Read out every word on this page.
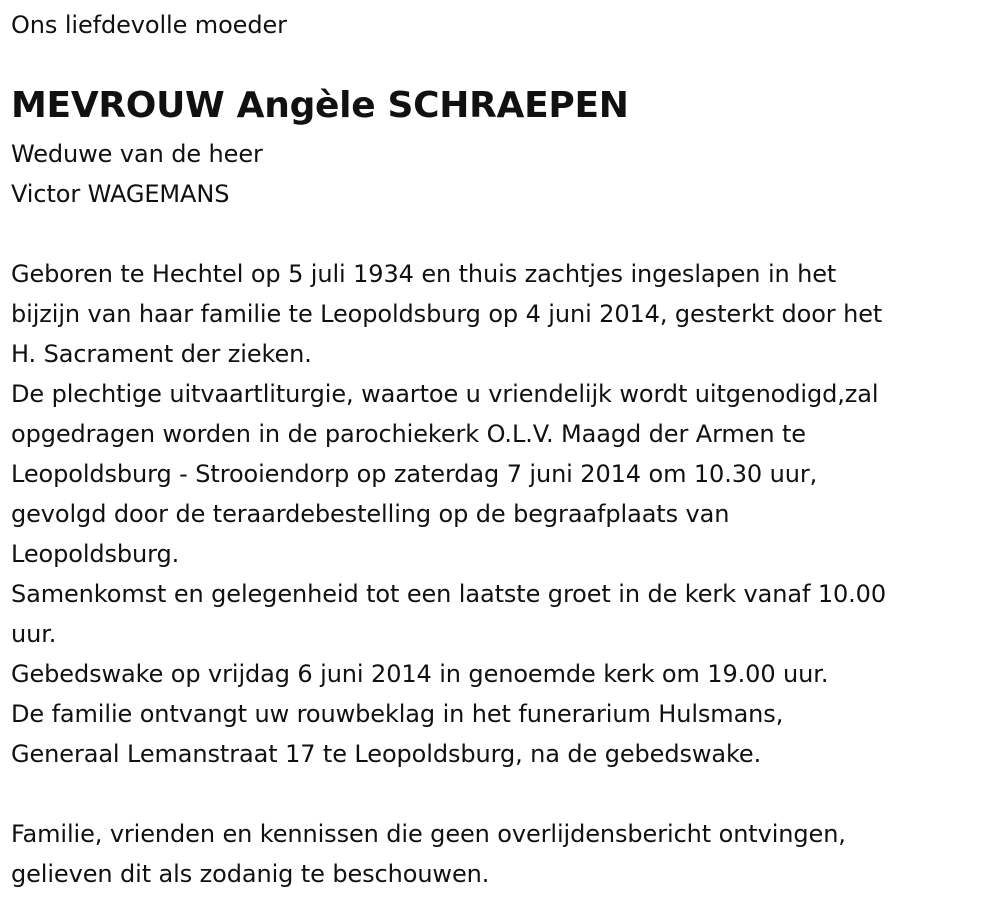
Ons liefdevolle moeder
MEVROUW Angèle SCHRAEPEN
Weduwe van de heer
Victor WAGEMANS
Geboren te Hechtel op 5 juli 1934 en thuis zachtjes ingeslapen in het
bijzijn van haar familie te Leopoldsburg op 4 juni 2014, gesterkt door het
H. Sacrament der zieken.
De plechtige uitvaartliturgie, waartoe u vriendelijk wordt uitgenodigd,zal
opgedragen worden in de parochiekerk O.L.V. Maagd der Armen te
Leopoldsburg - Strooiendorp op zaterdag 7 juni 2014 om 10.30 uur,
gevolgd door de teraardebestelling op de begraafplaats van
Leopoldsburg.
Samenkomst en gelegenheid tot een laatste groet in de kerk vanaf 10.00
uur.
Gebedswake op vrijdag 6 juni 2014 in genoemde kerk om 19.00 uur.
De familie ontvangt uw rouwbeklag in het funerarium Hulsmans,
Generaal Lemanstraat 17 te Leopoldsburg, na de gebedswake.
Familie, vrienden en kennissen die geen overlijdensbericht ontvingen,
gelieven dit als zodanig te beschouwen.
